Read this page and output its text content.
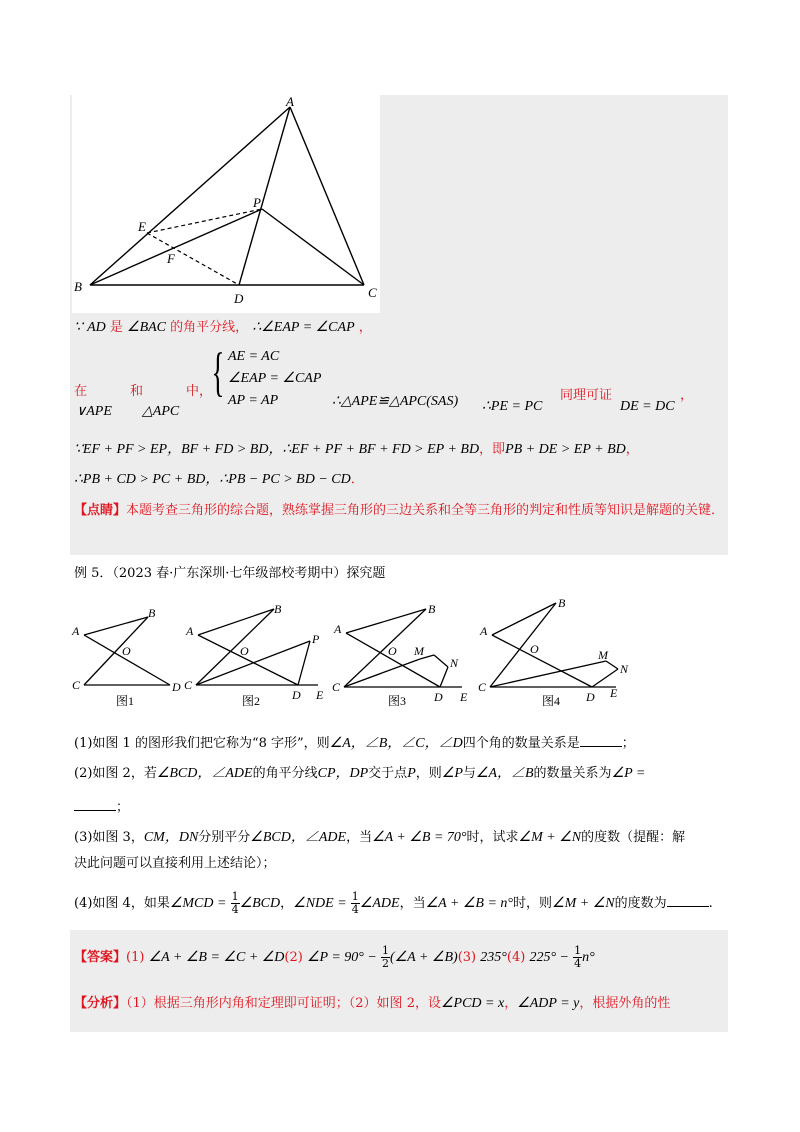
A
B	C
D
E
F
P
∵ AD 是 ∠BAC 的角平分线， ∴∠EAP = ∠CAP ，
在	和	中，
∨APE △APC
{ AE = AC
∠EAP = ∠CAP
AP = AP	∴△APE≌△APC(SAS) ∴PE = PC
同理可证
DE = DC
，
∵EF + PF > EP，BF + FD > BD，∴EF + PF + BF + FD > EP + BD，即PB + DE > EP + BD，
∴PB + CD > PC + BD，∴PB − PC > BD − CD．
【点睛】本题考查三角形的综合题，熟练掌握三角形的三边关系和全等三角形的判定和性质等知识是解题的关键．
例 5．（2023 春·广东深圳·七年级部校考期中）探究题
A
B
C	D
O
A
B
C
D E
P
O
A
B
C
D E
M
N
O
A
B
C
D E
M
N
O
图1	图2	图3	图4
(1)如图 1 的图形我们把它称为“8 字形”，则∠A，∠B，∠C，∠D四个角的数量关系是	；
(2)如图 2，若∠BCD，∠ADE的角平分线CP，DP交于点P，则∠P与∠A，∠B的数量关系为∠P =
；
(3)如图 3，CM，DN分别平分∠BCD，∠ADE，当∠A + ∠B = 70°时，试求∠M + ∠N的度数（提醒：解
决此问题可以直接利用上述结论）；
(4)如图 4，如果∠MCD = $\frac{1}{4}$ ∠BCD，∠NDE = $\frac{1}{4}$ ∠ADE，当∠A + ∠B = n°时，则∠M + ∠N的度数为	.
【答案】(1) ∠A + ∠B = ∠C + ∠D(2) ∠P = $90^\circ - \frac{1}{2}$ (∠A + ∠B)(3) 235°(4) $225^\circ - \frac{1}{4} n^\circ$
【分析】（1）根据三角形内角和定理即可证明；（2）如图 2，设∠PCD = x，∠ADP = y，根据外角的性
